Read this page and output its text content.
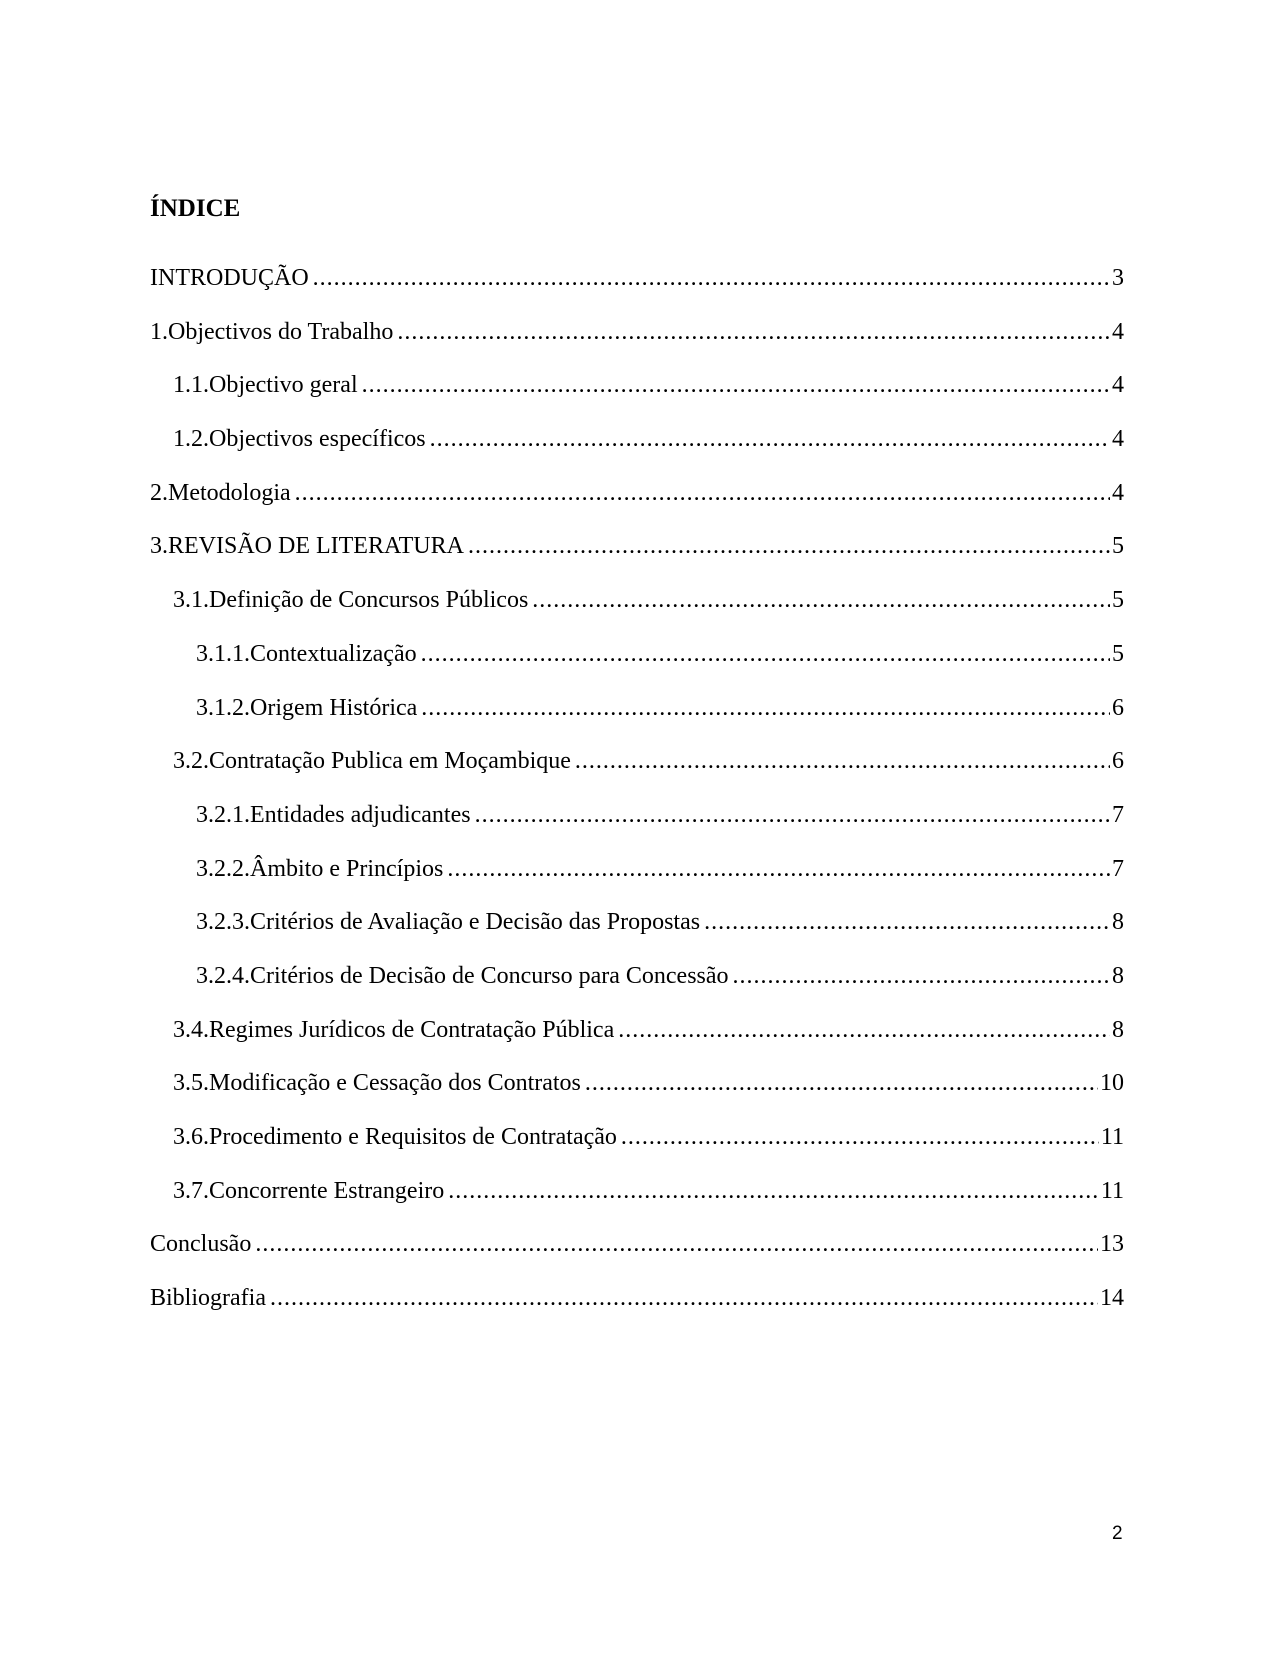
ÍNDICE
INTRODUÇÃO .....	3
1.Objectivos do Trabalho .....	4
1.1.Objectivo geral .....	4
1.2.Objectivos específicos .....	4
2.Metodologia .....	4
3.REVISÃO DE LITERATURA .....	5
3.1.Definição de Concursos Públicos .....	5
3.1.1.Contextualização .....	5
3.1.2.Origem Histórica .....	6
3.2.Contratação Publica em Moçambique .....	6
3.2.1.Entidades adjudicantes .....	7
3.2.2.Âmbito e Princípios .....	7
3.2.3.Critérios de Avaliação e Decisão das Propostas .....	8
3.2.4.Critérios de Decisão de Concurso para Concessão .....	8
3.4.Regimes Jurídicos de Contratação Pública .....	8
3.5.Modificação e Cessação dos Contratos .....	10
3.6.Procedimento e Requisitos de Contratação .....	11
3.7.Concorrente Estrangeiro .....	11
Conclusão .....	13
Bibliografia .....	14
2
